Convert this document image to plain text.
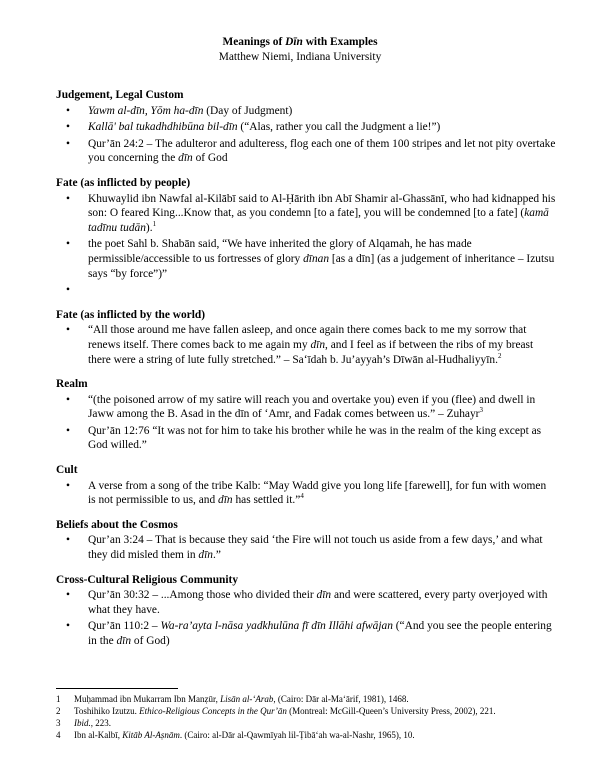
Meanings of Dīn with Examples
Matthew Niemi, Indiana University
Judgement, Legal Custom
• Yawm al-dīn, Yōm ha-dīn (Day of Judgment)
• Kallā' bal tukadhdhibūna bil-dīn (“Alas, rather you call the Judgment a lie!”)
• Qur’ān 24:2 – The adulteror and adulteress, flog each one of them 100 stripes and let not pity overtake you concerning the dīn of God
Fate (as inflicted by people)
• Khuwaylid ibn Nawfal al-Kilābī said to Al-Ḥārith ibn Abī Shamir al-Ghassānī, who had kidnapped his son: O feared King...Know that, as you condemn [to a fate], you will be condemned [to a fate] (kamā tadīnu tudān).$^1$
• the poet Sahl b. Shabān said, “We have inherited the glory of Alqamah, he has made permissible/accessible to us fortresses of glory dīnan [as a dīn] (as a judgement of inheritance – Izutsu says “by force”)”
•
Fate (as inflicted by the world)
• “All those around me have fallen asleep, and once again there comes back to me my sorrow that renews itself. There comes back to me again my dīn, and I feel as if between the ribs of my breast there were a string of lute fully stretched.” – Sa‘īdah b. Ju’ayyah’s Dīwān al-Hudhaliyyīn.$^2$
Realm
• “(the poisoned arrow of my satire will reach you and overtake you) even if you (flee) and dwell in Jaww among the B. Asad in the dīn of ‘Amr, and Fadak comes between us.” – Zuhayr$^3$
• Qur’ān 12:76 “It was not for him to take his brother while he was in the realm of the king except as God willed.”
Cult
• A verse from a song of the tribe Kalb: “May Wadd give you long life [farewell], for fun with women is not permissible to us, and dīn has settled it.”$^4$
Beliefs about the Cosmos
• Qur’an 3:24 – That is because they said ‘the Fire will not touch us aside from a few days,’ and what they did misled them in dīn.”
Cross-Cultural Religious Community
• Qur’ān 30:32 – ...Among those who divided their dīn and were scattered, every party overjoyed with what they have.
• Qur’ān 110:2 – Wa-ra’ayta l-nāsa yadkhulūna fī dīn Illāhi afwājan (“And you see the people entering in the dīn of God)
1 Muḥammad ibn Mukarram Ibn Manẓūr, Lisān al-‘Arab, (Cairo: Dār al-Ma‘ārif, 1981), 1468.
2 Toshihiko Izutzu. Ethico-Religious Concepts in the Qur’ān (Montreal: McGill-Queen’s University Press, 2002), 221.
3 Ibid., 223.
4 Ibn al-Kalbī, Kitāb Al-Aṣnām. (Cairo: al-Dār al-Qawmīyah lil-Ṭibā‘ah wa-al-Nashr, 1965), 10.
